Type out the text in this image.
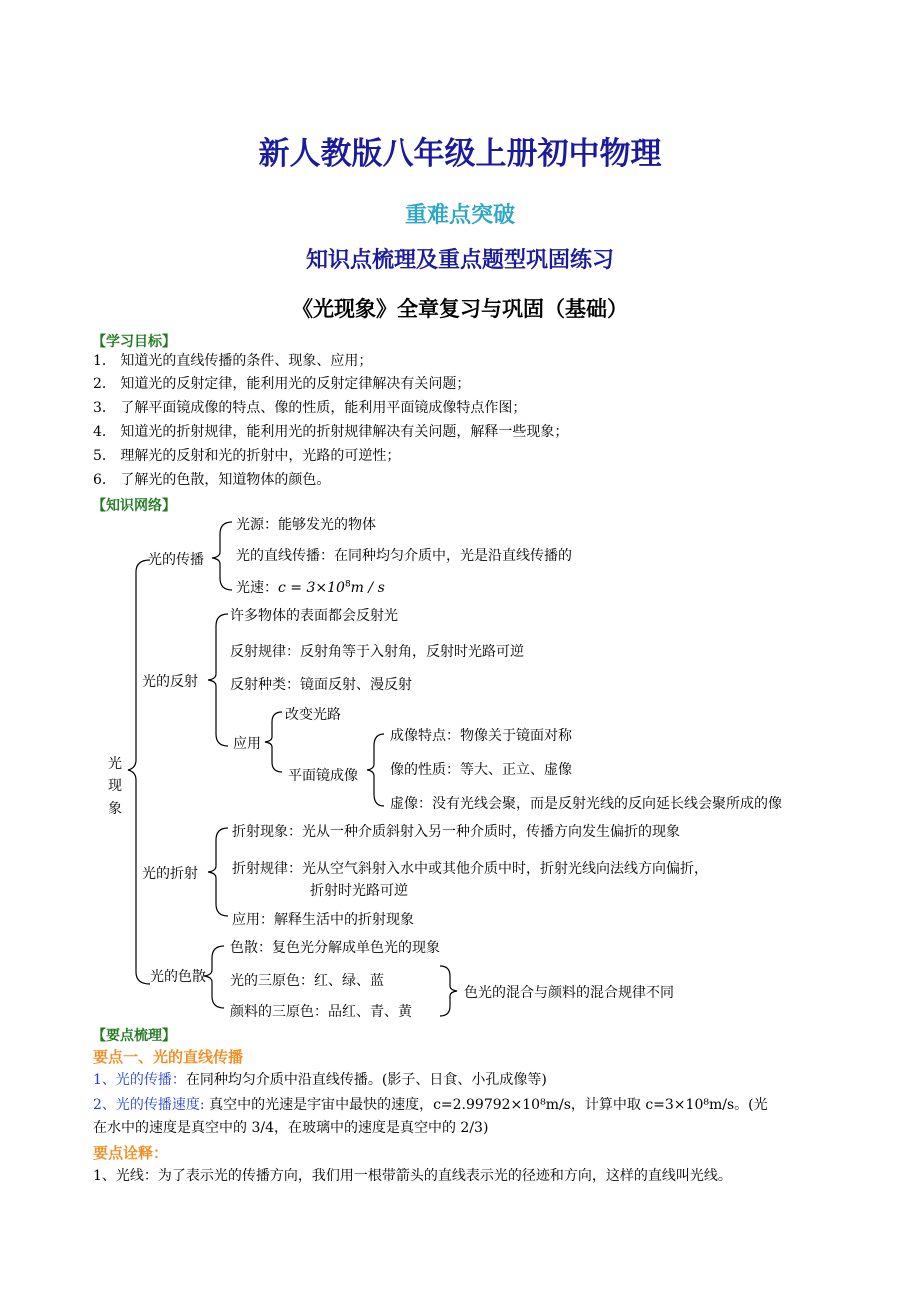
新人教版八年级上册初中物理
重难点突破
知识点梳理及重点题型巩固练习
《光现象》全章复习与巩固（基础）
【学习目标】
1． 知道光的直线传播的条件、现象、应用；
2． 知道光的反射定律，能利用光的反射定律解决有关问题；
3． 了解平面镜成像的特点、像的性质，能利用平面镜成像特点作图；
4． 知道光的折射规律，能利用光的折射规律解决有关问题，解释一些现象；
5． 理解光的反射和光的折射中，光路的可逆性；
6． 了解光的色散，知道物体的颜色。
【知识网络】
光
现
象
光的传播
光源：能够发光的物体
光的直线传播：在同种均匀介质中，光是沿直线传播的
光速：$c = 3\times 10^8m / s$
光的反射
许多物体的表面都会反射光
反射规律：反射角等于入射角，反射时光路可逆
反射种类：镜面反射、漫反射
应用
改变光路
平面镜成像
成像特点：物像关于镜面对称
像的性质：等大、正立、虚像
虚像：没有光线会聚，而是反射光线的反向延长线会聚所成的像
光的折射
折射现象：光从一种介质斜射入另一种介质时，传播方向发生偏折的现象
折射规律：光从空气斜射入水中或其他介质中时，折射光线向法线方向偏折，
折射时光路可逆
应用：解释生活中的折射现象
光的色散
色散：复色光分解成单色光的现象
光的三原色：红、绿、蓝
颜料的三原色：品红、青、黄
色光的混合与颜料的混合规律不同
【要点梳理】
要点一、光的直线传播
1、光的传播：在同种均匀介质中沿直线传播。(影子、日食、小孔成像等)
2、光的传播速度: 真空中的光速是宇宙中最快的速度，c=2.99792×10⁸m/s，计算中取 c=3×10⁸m/s。(光
在水中的速度是真空中的 3/4，在玻璃中的速度是真空中的 2/3)
要点诠释：
1、光线：为了表示光的传播方向，我们用一根带箭头的直线表示光的径迹和方向，这样的直线叫光线。
